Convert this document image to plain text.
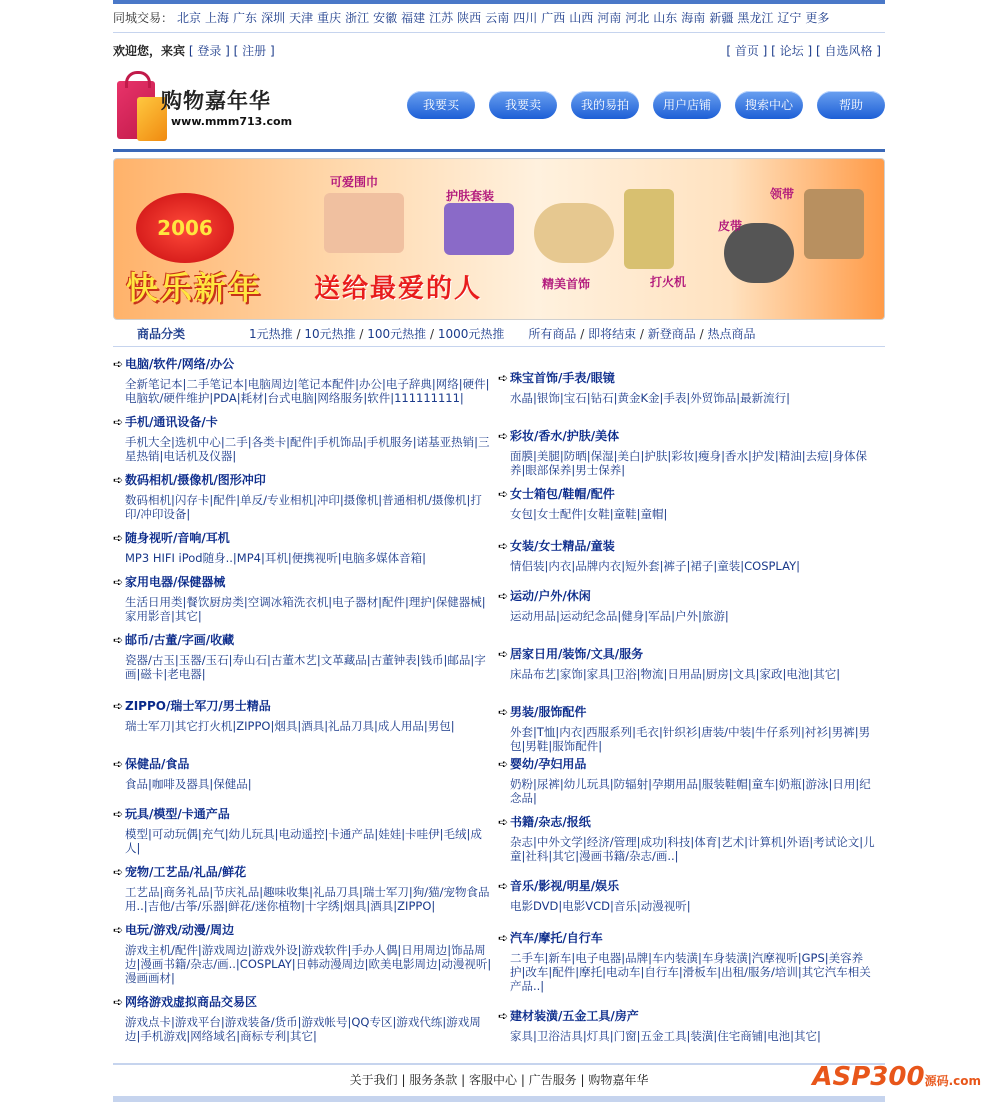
同城交易： 北京 上海 广东 深圳 天津 重庆 浙江 安徽 福建 江苏 陕西 云南 四川 广西 山西 河南 河北 山东 海南 新疆 黑龙江 辽宁 更多
欢迎您，来宾 [ 登录 ] [ 注册 ]	[ 首页 ] [ 论坛 ] [ 自选风格 ]
购物嘉年华
www.mmm713.com
我要买	我要卖	我的易拍	用户店铺	搜索中心	帮助
2006
可爱围巾
护肤套装
精美首饰	打火机
皮带
领带
快乐新年 送给最爱的人
商品分类	1元热推 / 10元热推 / 100元热推 / 1000元热推 所有商品 / 即将结束 / 新登商品 / 热点商品
➪ 电脑/软件/网络/办公

全新笔记本|二手笔记本|电脑周边|笔记本配件|办公|电子辞典|网络|硬件|电脑软/硬件维护|PDA|耗材|台式电脑|网络服务|软件|111111111|

➪ 手机/通讯设备/卡

手机大全|选机中心|二手|各类卡|配件|手机饰品|手机服务|诺基亚热销|三星热销|电话机及仪器|

➪ 数码相机/摄像机/图形冲印

数码相机|闪存卡|配件|单反/专业相机|冲印|摄像机|普通相机/摄像机|打印/冲印设备|

➪ 随身视听/音响/耳机

MP3 HIFI iPod随身..|MP4|耳机|便携视听|电脑多媒体音箱|

➪ 家用电器/保健器械

生活日用类|餐饮厨房类|空调冰箱洗衣机|电子器材|配件|理护|保健器械|家用影音|其它|

➪ 邮币/古董/字画/收藏

瓷器/古玉|玉器/玉石|寿山石|古董木艺|文革藏品|古董钟表|钱币|邮品|字画|磁卡|老电器|

➪ ZIPPO/瑞士军刀/男士精品

瑞士军刀|其它打火机|ZIPPO|烟具|酒具|礼品刀具|成人用品|男包|

➪ 保健品/食品

食品|咖啡及器具|保健品|

➪ 玩具/模型/卡通产品

模型|可动玩偶|充气|幼儿玩具|电动遥控|卡通产品|娃娃|卡哇伊|毛绒|成人|

➪ 宠物/工艺品/礼品/鲜花

工艺品|商务礼品|节庆礼品|趣味收集|礼品刀具|瑞士军刀|狗/猫/宠物食品用..|吉他/古筝/乐器|鲜花/迷你植物|十字绣|烟具|酒具|ZIPPO|

➪ 电玩/游戏/动漫/周边

游戏主机/配件|游戏周边|游戏外设|游戏软件|手办人偶|日用周边|饰品周边|漫画书籍/杂志/画..|COSPLAY|日韩动漫周边|欧美电影周边|动漫视听|漫画画材|

➪ 网络游戏虚拟商品交易区

游戏点卡|游戏平台|游戏装备/货币|游戏帐号|QQ专区|游戏代练|游戏周边|手机游戏|网络域名|商标专利|其它|

➪ 珠宝首饰/手表/眼镜

水晶|银饰|宝石|钻石|黄金K金|手表|外贸饰品|最新流行|

➪ 彩妆/香水/护肤/美体

面膜|美腿|防晒|保湿|美白|护肤|彩妆|瘦身|香水|护发|精油|去痘|身体保养|眼部保养|男士保养|

➪ 女士箱包/鞋帽/配件

女包|女士配件|女鞋|童鞋|童帽|

➪ 女装/女士精品/童装

情侣装|内衣|品牌内衣|短外套|裤子|裙子|童装|COSPLAY|

➪ 运动/户外/休闲

运动用品|运动纪念品|健身|军品|户外|旅游|

➪ 居家日用/装饰/文具/服务

床品布艺|家饰|家具|卫浴|物流|日用品|厨房|文具|家政|电池|其它|

➪ 男装/服饰配件

外套|T恤|内衣|西服系列|毛衣|针织衫|唐装/中装|牛仔系列|衬衫|男裤|男包|男鞋|服饰配件|

➪ 婴幼/孕妇用品

奶粉|尿裤|幼儿玩具|防辐射|孕期用品|服装鞋帽|童车|奶瓶|游泳|日用|纪念品|

➪ 书籍/杂志/报纸

杂志|中外文学|经济/管理|成功|科技|体育|艺术|计算机|外语|考试论文|儿童|社科|其它|漫画书籍/杂志/画..|

➪ 音乐/影视/明星/娱乐

电影DVD|电影VCD|音乐|动漫视听|

➪ 汽车/摩托/自行车

二手车|新车|电子电器|品牌|车内装潢|车身装潢|汽摩视听|GPS|美容养护|改车|配件|摩托|电动车|自行车|滑板车|出租/服务/培训|其它汽车相关产品..|

➪ 建材装潢/五金工具/房产

家具|卫浴洁具|灯具|门窗|五金工具|装潢|住宅商铺|电池|其它|

关于我们 | 服务条款 | 客服中心 | 广告服务 | 购物嘉年华	ASP300源码.com
